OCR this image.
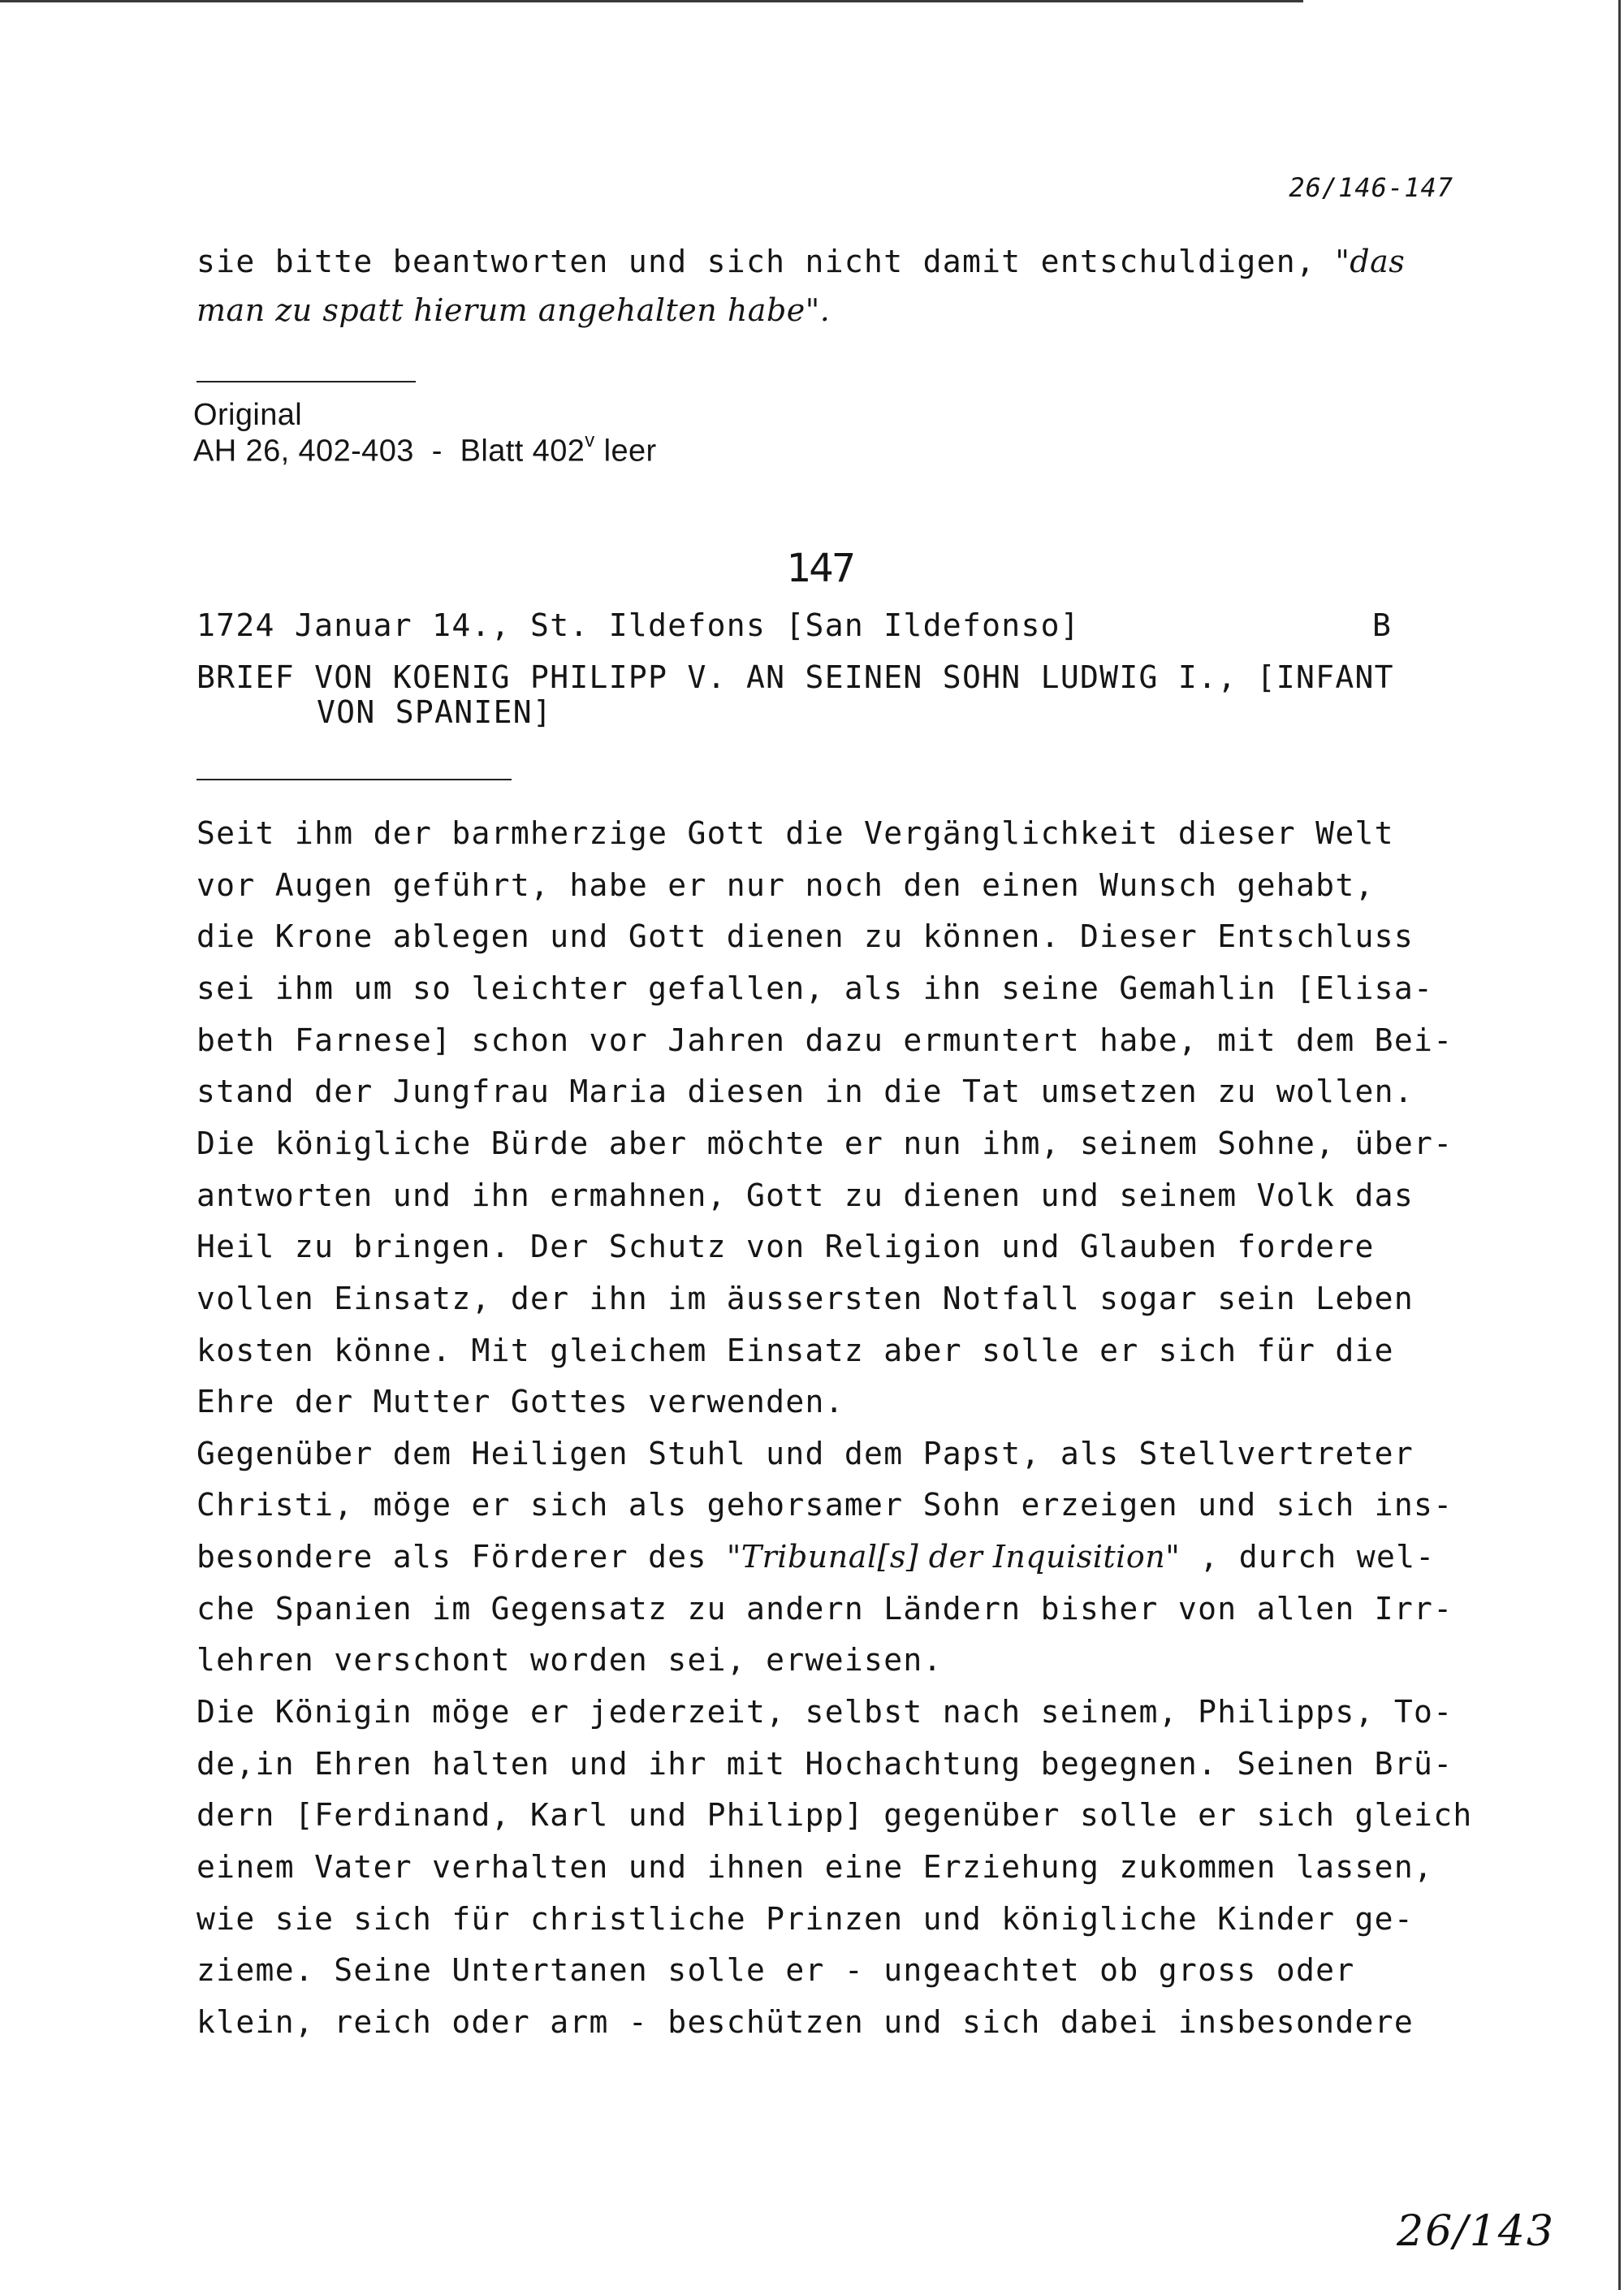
26/146-147
sie bitte beantworten und sich nicht damit entschuldigen, "das
man zu spatt hierum angehalten habe".
Original
AH 26, 402-403  -  Blatt 402$^v$ leer
147
1724 Januar 14., St. Ildefons [San Ildefonso]	B
BRIEF VON KOENIG PHILIPP V. AN SEINEN SOHN LUDWIG I., [INFANT
VON SPANIEN]
Seit ihm der barmherzige Gott die Vergänglichkeit dieser Welt
vor Augen geführt, habe er nur noch den einen Wunsch gehabt,
die Krone ablegen und Gott dienen zu können. Dieser Entschluss
sei ihm um so leichter gefallen, als ihn seine Gemahlin [Elisa-
beth Farnese] schon vor Jahren dazu ermuntert habe, mit dem Bei-
stand der Jungfrau Maria diesen in die Tat umsetzen zu wollen.
Die königliche Bürde aber möchte er nun ihm, seinem Sohne, über-
antworten und ihn ermahnen, Gott zu dienen und seinem Volk das
Heil zu bringen. Der Schutz von Religion und Glauben fordere
vollen Einsatz, der ihn im äussersten Notfall sogar sein Leben
kosten könne. Mit gleichem Einsatz aber solle er sich für die
Ehre der Mutter Gottes verwenden.
Gegenüber dem Heiligen Stuhl und dem Papst, als Stellvertreter
Christi, möge er sich als gehorsamer Sohn erzeigen und sich ins-
besondere als Förderer des "Tribunal[s] der Inquisition" , durch wel-
che Spanien im Gegensatz zu andern Ländern bisher von allen Irr-
lehren verschont worden sei, erweisen.
Die Königin möge er jederzeit, selbst nach seinem, Philipps, To-
de,in Ehren halten und ihr mit Hochachtung begegnen. Seinen Brü-
dern [Ferdinand, Karl und Philipp] gegenüber solle er sich gleich
einem Vater verhalten und ihnen eine Erziehung zukommen lassen,
wie sie sich für christliche Prinzen und königliche Kinder ge-
zieme. Seine Untertanen solle er - ungeachtet ob gross oder
klein, reich oder arm - beschützen und sich dabei insbesondere
26/143
